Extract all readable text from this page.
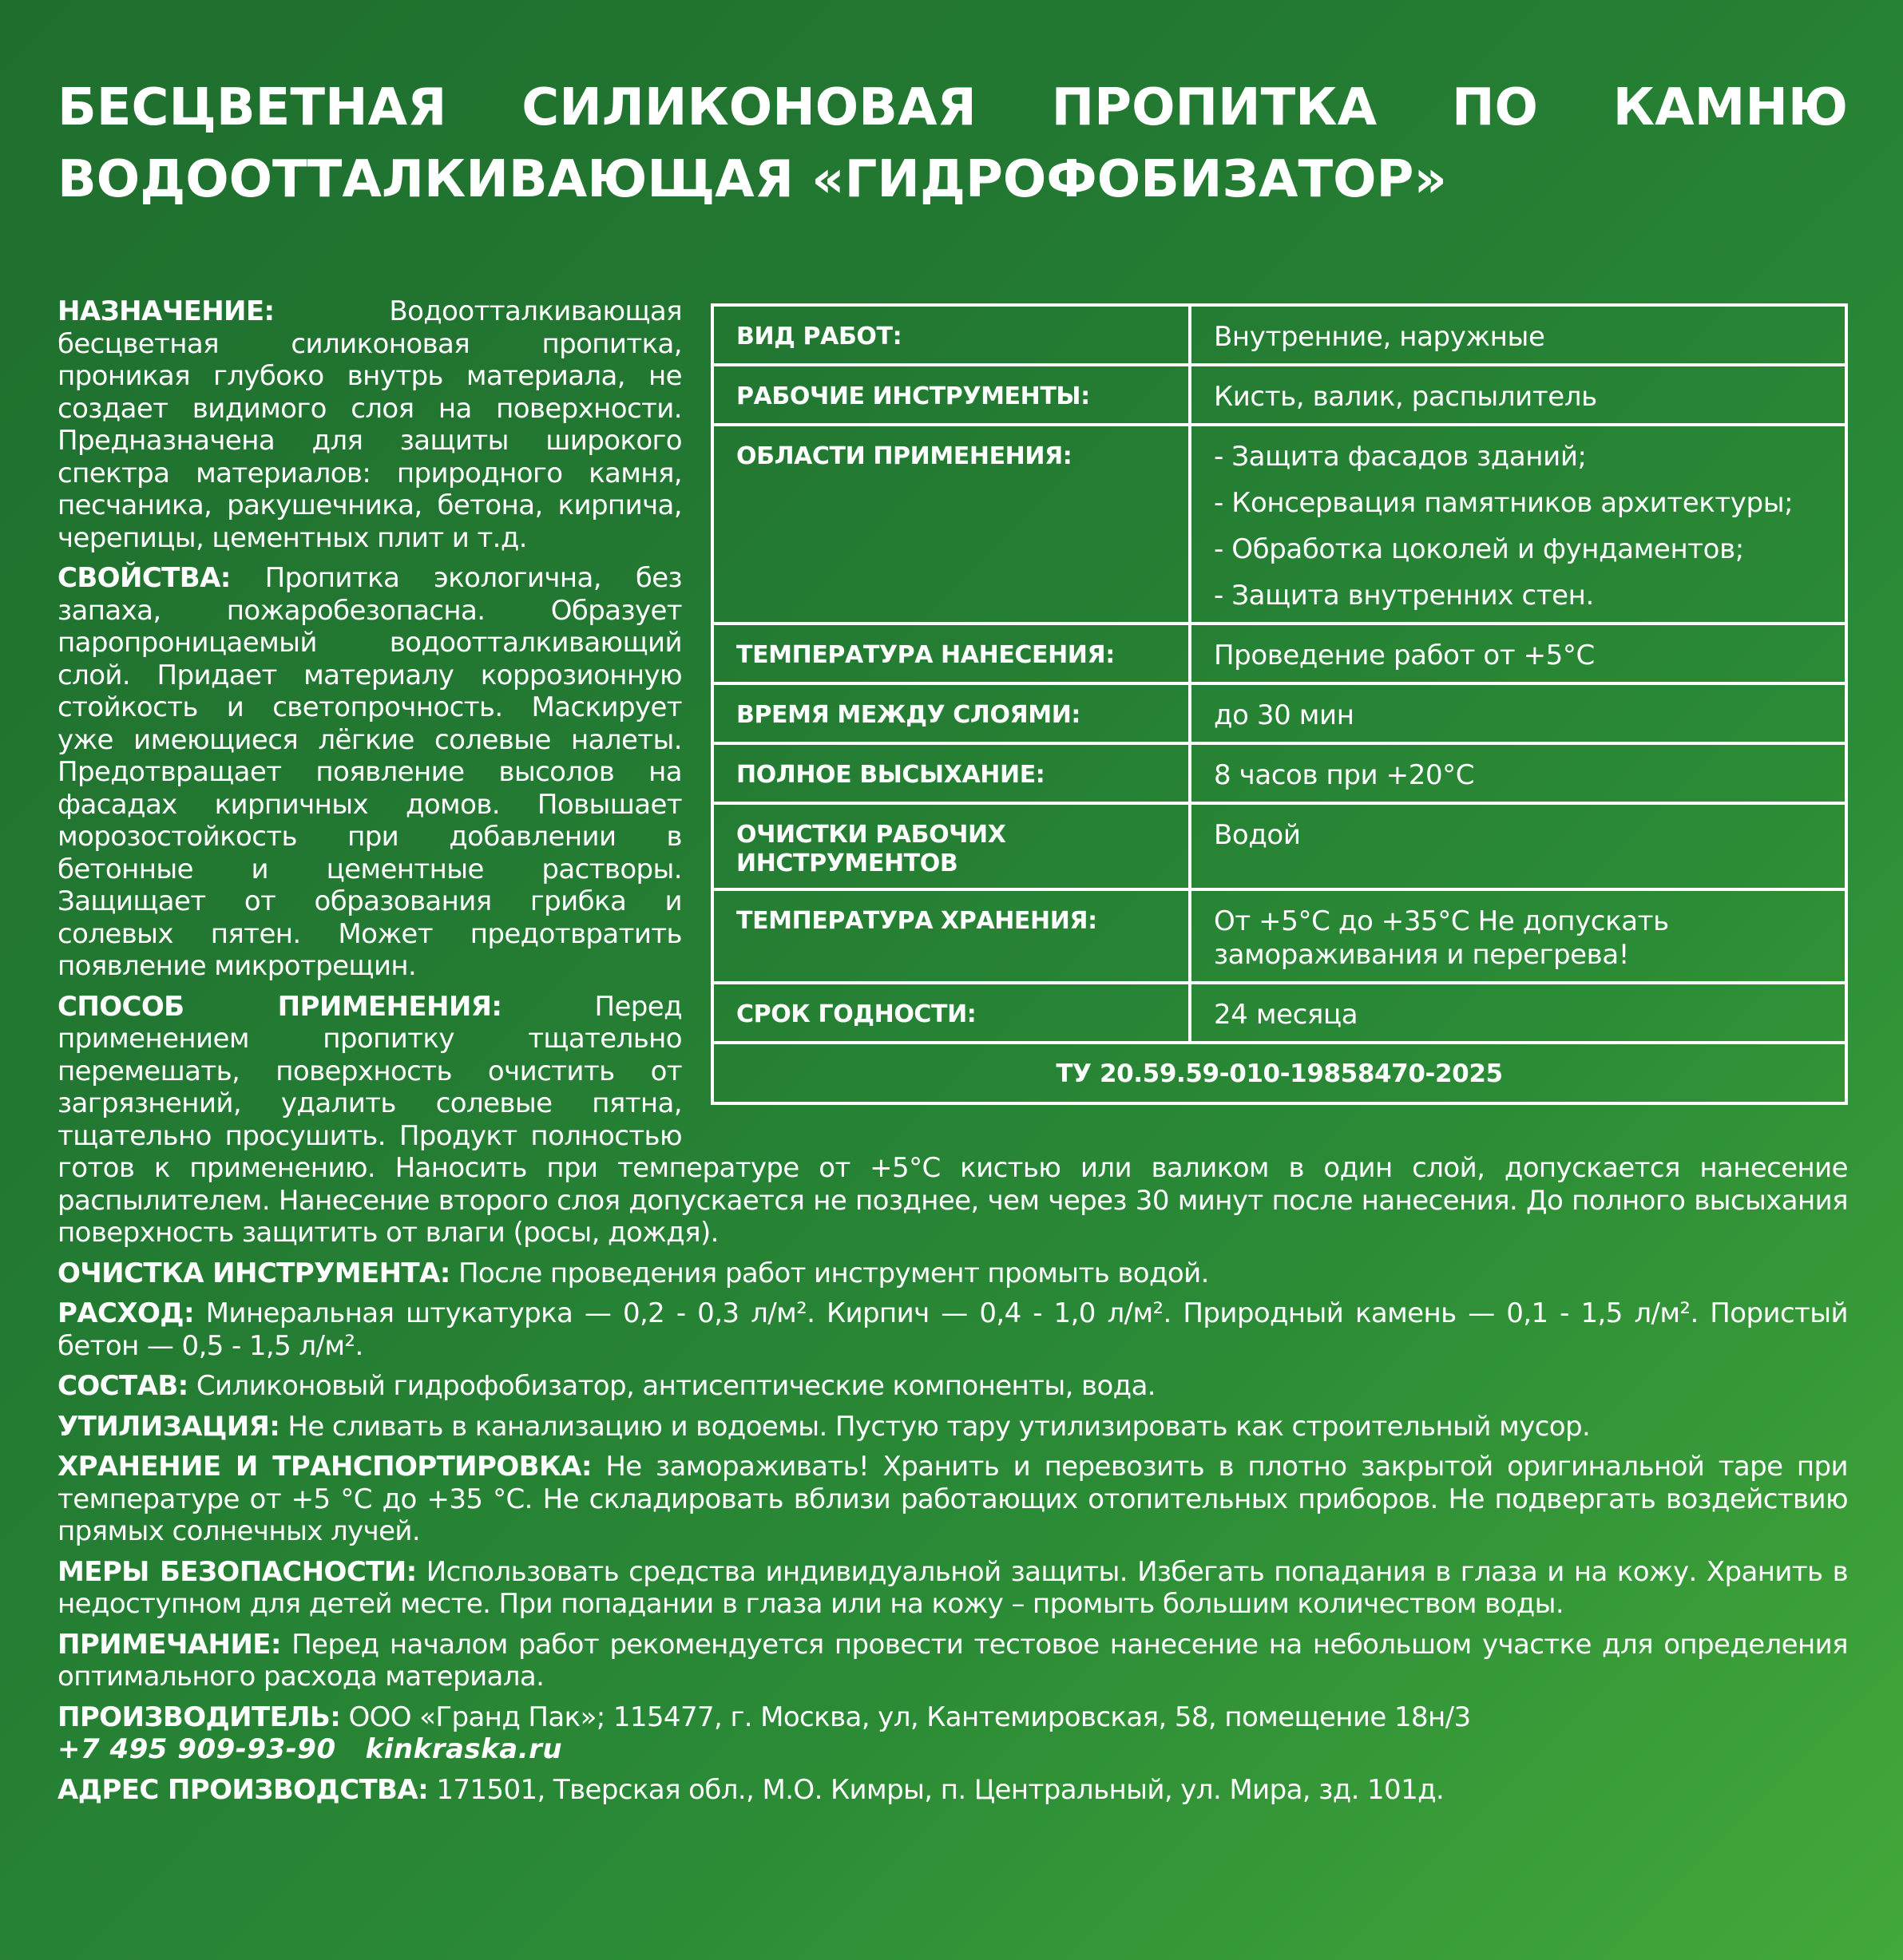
БЕСЦВЕТНАЯ СИЛИКОНОВАЯ ПРОПИТКА ПО КАМНЮ

ВОДООТТАЛКИВАЮЩАЯ «ГИДРОФОБИЗАТОР»
ВИД РАБОТ:	Внутренние, наружные

РАБОЧИЕ ИНСТРУМЕНТЫ:	Кисть, валик, распылитель

ОБЛАСТИ ПРИМЕНЕНИЯ:	- Защита фасадов зданий;
- Консервация памятников архитектуры;
- Обработка цоколей и фундаментов;
- Защита внутренних стен.

ТЕМПЕРАТУРА НАНЕСЕНИЯ:	Проведение работ от +5°С

ВРЕМЯ МЕЖДУ СЛОЯМИ:	до 30 мин

ПОЛНОЕ ВЫСЫХАНИЕ:	8 часов при +20°С

ОЧИСТКИ РАБОЧИХ ИНСТРУМЕНТОВ	Водой

ТЕМПЕРАТУРА ХРАНЕНИЯ:	От +5°С до +35°С Не допускать замораживания и перегрева!

СРОК ГОДНОСТИ:	24 месяца

ТУ 20.59.59-010-19858470-2025	

НАЗНАЧЕНИЕ:	Водоотталкивающая бесцветная силиконовая пропитка, проникая глубоко внутрь материала, не создает видимого слоя на поверхности. Предназначена для защиты широкого спектра материалов: природного камня, песчаника, ракушечника, бетона, кирпича, черепицы, цементных плит и т.д.

СВОЙСТВА: Пропитка экологична, без запаха, пожаробезопасна. Образует паропроницаемый водоотталкивающий слой. Придает материалу коррозионную стойкость и светопрочность. Маскирует уже имеющиеся лёгкие солевые налеты. Предотвращает появление высолов на фасадах кирпичных домов. Повышает морозостойкость при добавлении в бетонные и цементные растворы. Защищает от образования грибка и солевых пятен. Может предотвратить появление микротрещин.

СПОСОБ ПРИМЕНЕНИЯ:	Перед применением пропитку тщательно перемешать, поверхность очистить от загрязнений, удалить солевые пятна, тщательно просушить. Продукт полностью готов к применению. Наносить при температуре от +5°С кистью или валиком в один слой, допускается нанесение распылителем. Нанесение второго слоя допускается не позднее, чем через 30 минут после нанесения. До полного высыхания поверхность защитить от влаги (росы, дождя).

ОЧИСТКА ИНСТРУМЕНТА: После проведения работ инструмент промыть водой.

РАСХОД: Минеральная штукатурка — 0,2 - 0,3 л/м². Кирпич — 0,4 - 1,0 л/м². Природный камень — 0,1 - 1,5 л/м². Пористый бетон — 0,5 - 1,5 л/м².

СОСТАВ: Силиконовый гидрофобизатор, антисептические компоненты, вода.

УТИЛИЗАЦИЯ: Не сливать в канализацию и водоемы. Пустую тару утилизировать как строительный мусор.

ХРАНЕНИЕ И ТРАНСПОРТИРОВКА: Не замораживать! Хранить и перевозить в плотно закрытой оригинальной таре при температуре от +5 °С до +35 °С. Не складировать вблизи работающих отопительных приборов. Не подвергать воздействию прямых солнечных лучей.

МЕРЫ БЕЗОПАСНОСТИ: Использовать средства индивидуальной защиты. Избегать попадания в глаза и на кожу. Хранить в недоступном для детей месте. При попадании в глаза или на кожу – промыть большим количеством воды.

ПРИМЕЧАНИЕ: Перед началом работ рекомендуется провести тестовое нанесение на небольшом участке для определения оптимального расхода материала.

ПРОИЗВОДИТЕЛЬ: ООО «Гранд Пак»; 115477, г. Москва, ул, Кантемировская, 58, помещение 18н/3

+7 495 909-93-90 kinkraska.ru

АДРЕС ПРОИЗВОДСТВА: 171501, Тверская обл., М.О. Кимры, п. Центральный, ул. Мира, зд. 101д.
